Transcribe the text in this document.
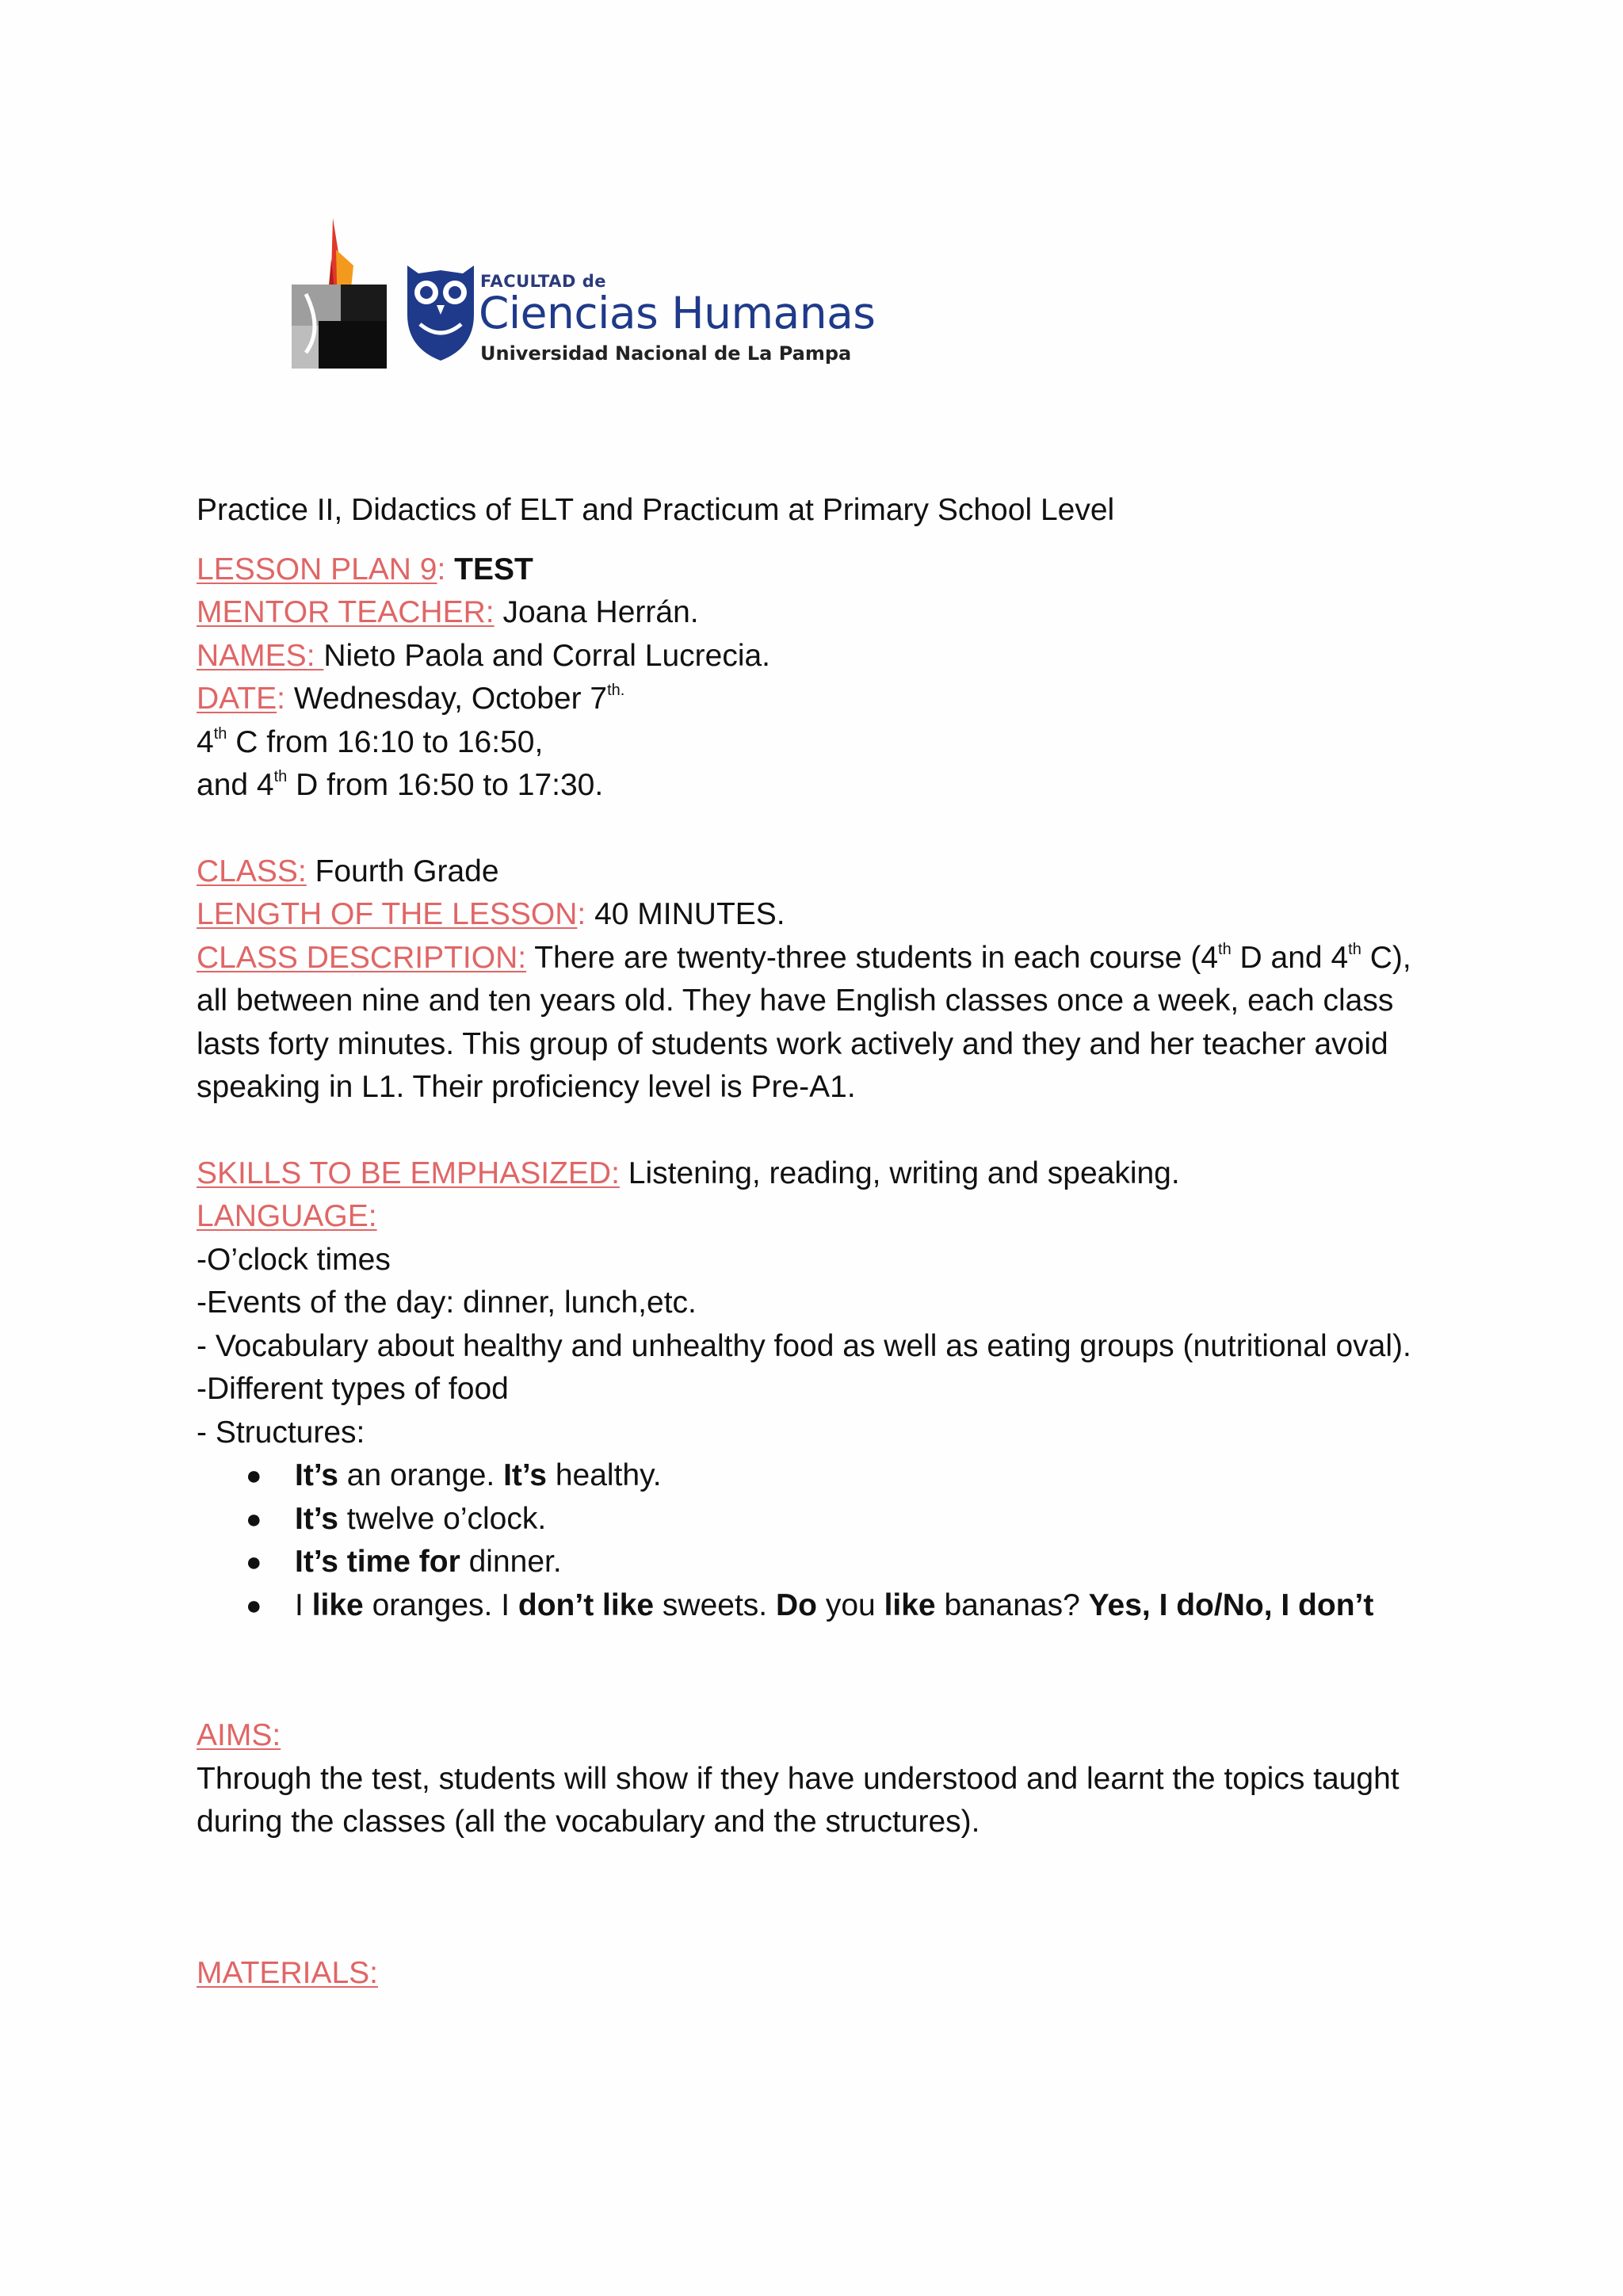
FACULTAD de
Ciencias Humanas
Universidad Nacional de La Pampa
Practice II, Didactics of ELT and Practicum at Primary School Level
LESSON PLAN 9: TEST
MENTOR TEACHER: Joana Herrán.
NAMES: Nieto Paola and Corral Lucrecia.
DATE: Wednesday, October $7^{th.}$
4th C from 16:10 to 16:50,
and 4th D from 16:50 to 17:30.
CLASS: Fourth Grade
LENGTH OF THE LESSON: 40 MINUTES.
CLASS DESCRIPTION: There are twenty-three students in each course (4th D and 4th C), all between nine and ten years old. They have English classes once a week, each class lasts forty minutes. This group of students work actively and they and her teacher avoid speaking in L1. Their proficiency level is Pre-A1.
SKILLS TO BE EMPHASIZED: Listening, reading, writing and speaking.
LANGUAGE:
-O’clock times
-Events of the day: dinner, lunch,etc.
- Vocabulary about healthy and unhealthy food as well as eating groups (nutritional oval).
-Different types of food
- Structures:
● It’s an orange. It’s healthy.
● It’s twelve o’clock.
● It’s time for dinner.
● I like oranges. I don’t like sweets. Do you like bananas? Yes, I do/No, I don’t
AIMS:
Through the test, students will show if they have understood and learnt the topics taught during the classes (all the vocabulary and the structures).
MATERIALS:
